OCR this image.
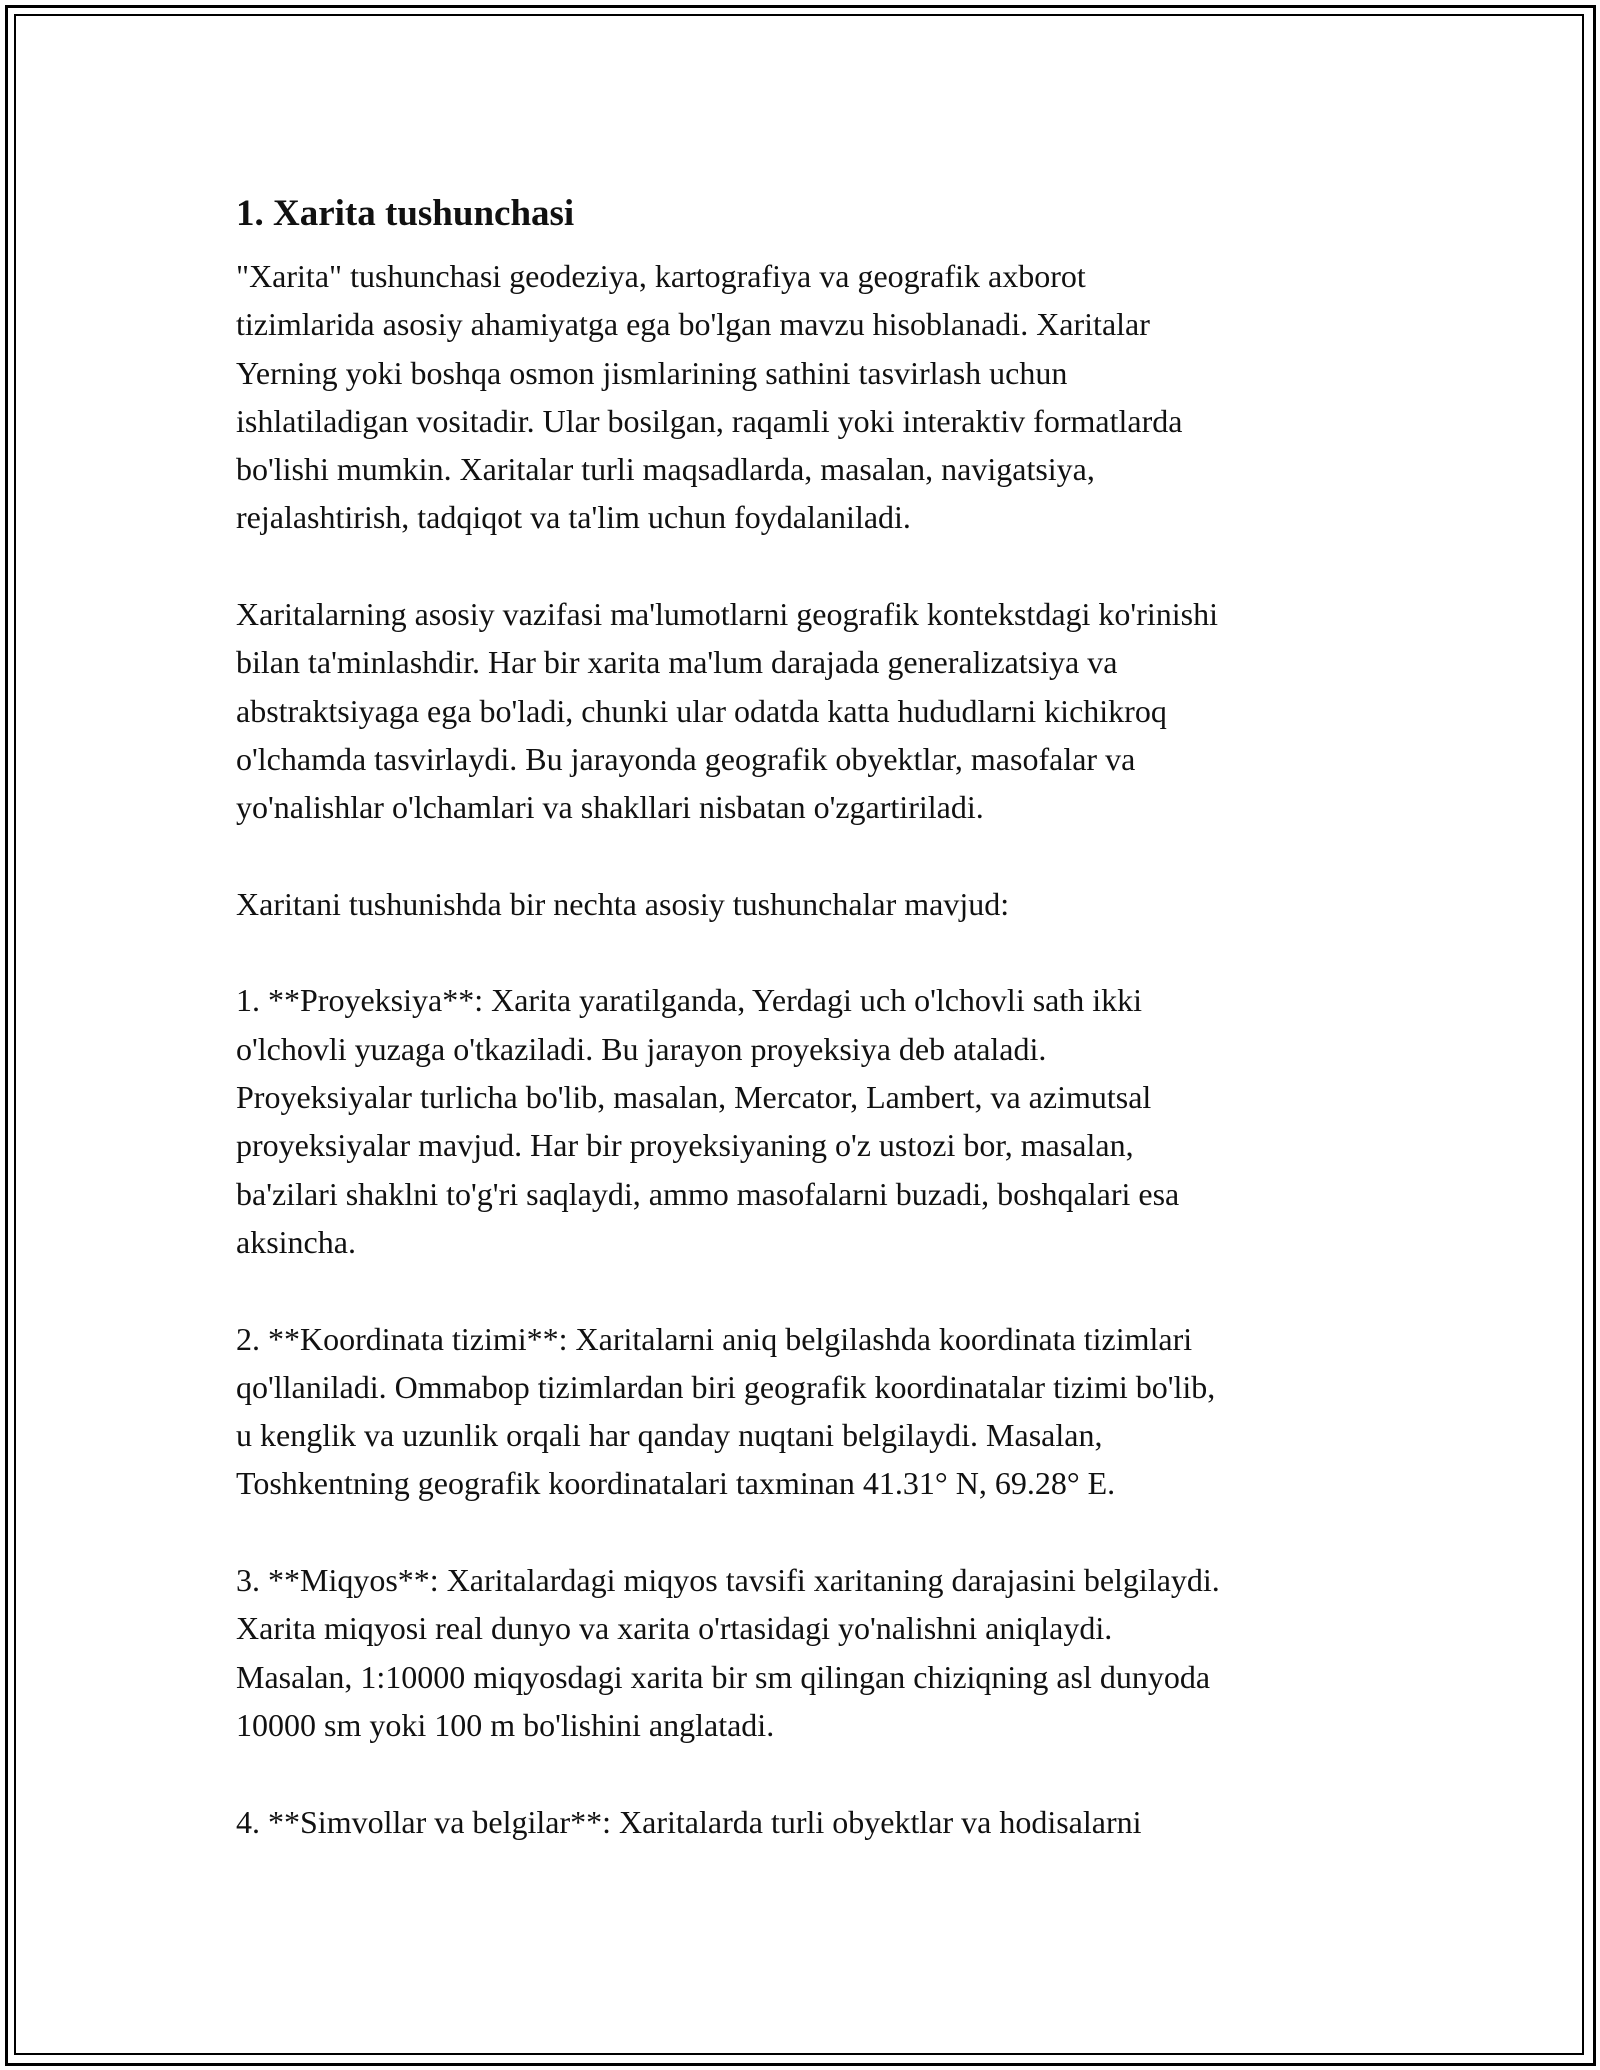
1. Xarita tushunchasi
"Xarita" tushunchasi geodeziya, kartografiya va geografik axborot
tizimlarida asosiy ahamiyatga ega bo'lgan mavzu hisoblanadi. Xaritalar
Yerning yoki boshqa osmon jismlarining sathini tasvirlash uchun
ishlatiladigan vositadir. Ular bosilgan, raqamli yoki interaktiv formatlarda
bo'lishi mumkin. Xaritalar turli maqsadlarda, masalan, navigatsiya,
rejalashtirish, tadqiqot va ta'lim uchun foydalaniladi.
Xaritalarning asosiy vazifasi ma'lumotlarni geografik kontekstdagi ko'rinishi
bilan ta'minlashdir. Har bir xarita ma'lum darajada generalizatsiya va
abstraktsiyaga ega bo'ladi, chunki ular odatda katta hududlarni kichikroq
o'lchamda tasvirlaydi. Bu jarayonda geografik obyektlar, masofalar va
yo'nalishlar o'lchamlari va shakllari nisbatan o'zgartiriladi.
Xaritani tushunishda bir nechta asosiy tushunchalar mavjud:
1. **Proyeksiya**: Xarita yaratilganda, Yerdagi uch o'lchovli sath ikki
o'lchovli yuzaga o'tkaziladi. Bu jarayon proyeksiya deb ataladi.
Proyeksiyalar turlicha bo'lib, masalan, Mercator, Lambert, va azimutsal
proyeksiyalar mavjud. Har bir proyeksiyaning o'z ustozi bor, masalan,
ba'zilari shaklni to'g'ri saqlaydi, ammo masofalarni buzadi, boshqalari esa
aksincha.
2. **Koordinata tizimi**: Xaritalarni aniq belgilashda koordinata tizimlari
qo'llaniladi. Ommabop tizimlardan biri geografik koordinatalar tizimi bo'lib,
u kenglik va uzunlik orqali har qanday nuqtani belgilaydi. Masalan,
Toshkentning geografik koordinatalari taxminan 41.31° N, 69.28° E.
3. **Miqyos**: Xaritalardagi miqyos tavsifi xaritaning darajasini belgilaydi.
Xarita miqyosi real dunyo va xarita o'rtasidagi yo'nalishni aniqlaydi.
Masalan, 1:10000 miqyosdagi xarita bir sm qilingan chiziqning asl dunyoda
10000 sm yoki 100 m bo'lishini anglatadi.
4. **Simvollar va belgilar**: Xaritalarda turli obyektlar va hodisalarni
